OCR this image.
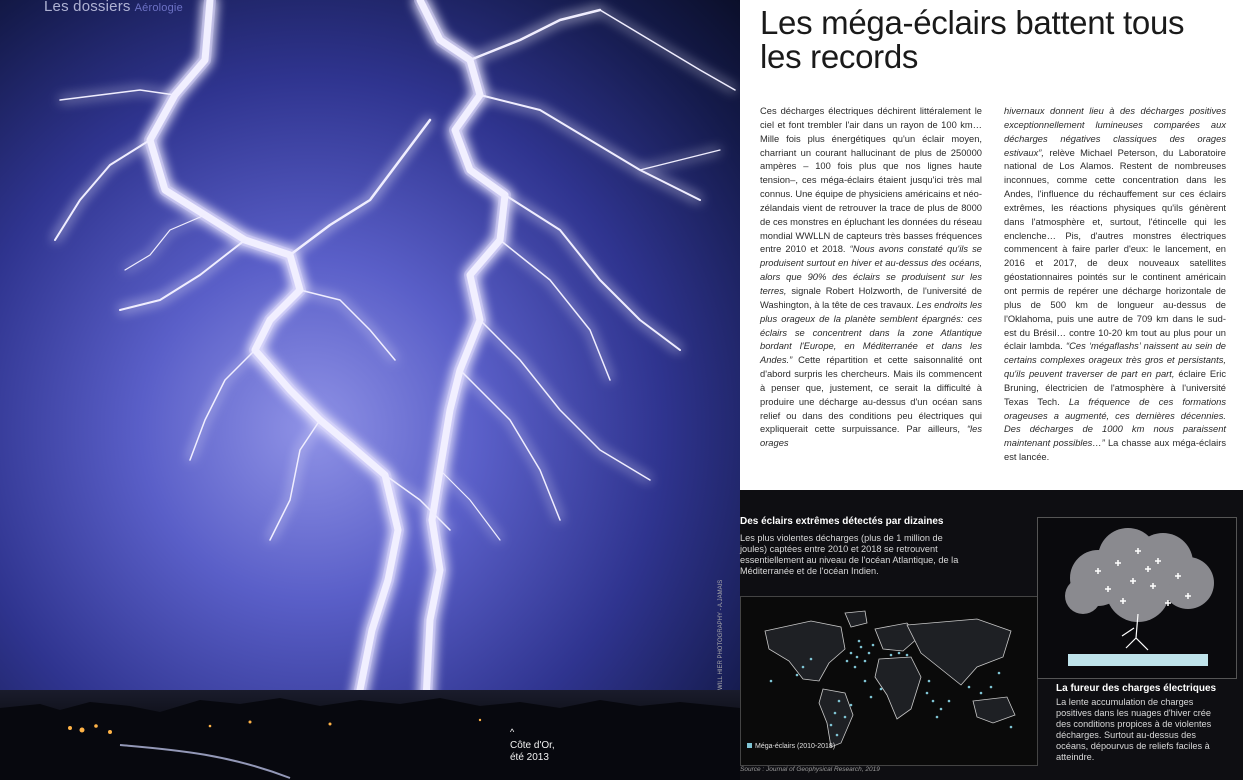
Les dossiers Aérologie
^
Côte d'Or,
été 2013
Les méga-éclairs battent tous les records

Ces décharges électriques déchirent littéralement le ciel et font trembler l'air dans un rayon de 100 km… Mille fois plus énergétiques qu'un éclair moyen, charriant un courant hallucinant de plus de 250000 ampères – 100 fois plus que nos lignes haute tension–, ces méga-éclairs étaient jusqu'ici très mal connus. Une équipe de physiciens américains et néo-zélandais vient de retrouver la trace de plus de 8000 de ces monstres en épluchant les données du réseau mondial WWLLN de capteurs très basses fréquences entre 2010 et 2018. “Nous avons constaté qu'ils se produisent surtout en hiver et au-dessus des océans, alors que 90% des éclairs se produisent sur les terres, signale Robert Holzworth, de l'université de Washington, à la tête de ces travaux. Les endroits les plus orageux de la planète semblent épargnés: ces éclairs se concentrent dans la zone Atlantique bordant l'Europe, en Méditerranée et dans les Andes.” Cette répartition et cette saisonnalité ont d'abord surpris les chercheurs. Mais ils commencent à penser que, justement, ce serait la difficulté à produire une décharge au-dessus d'un océan sans relief ou dans des conditions peu électriques qui expliquerait cette surpuissance. Par ailleurs, “les orages

hivernaux donnent lieu à des décharges positives exceptionnellement lumineuses comparées aux décharges négatives classiques des orages estivaux”, relève Michael Peterson, du Laboratoire national de Los Alamos. Restent de nombreuses inconnues, comme cette concentration dans les Andes, l'influence du réchauffement sur ces éclairs extrêmes, les réactions physiques qu'ils génèrent dans l'atmosphère et, surtout, l'étincelle qui les enclenche… Pis, d'autres monstres électriques commencent à faire parler d'eux: le lancement, en 2016 et 2017, de deux nouveaux satellites géostationnaires pointés sur le continent américain ont permis de repérer une décharge horizontale de plus de 500 km de longueur au-dessus de l'Oklahoma, puis une autre de 709 km dans le sud-est du Brésil… contre 10-20 km tout au plus pour un éclair lambda. “Ces ‘mégaflashs’ naissent au sein de certains complexes orageux très gros et persistants, qu'ils peuvent traverser de part en part, éclaire Eric Bruning, électricien de l'atmosphère à l'université Texas Tech. La fréquence de ces formations orageuses a augmenté, ces dernières décennies. Des décharges de 1000 km nous paraissent maintenant possibles…” La chasse aux méga-éclairs est lancée.

Des éclairs extrêmes détectés par dizaines
Les plus violentes décharges (plus de 1 million de joules) captées entre 2010 et 2018 se retrouvent essentiellement au niveau de l'océan Atlantique, de la Méditerranée et de l'océan Indien.
Méga-éclairs (2010-2018)
WILL HIER PHOTOGRAPHY - A.JAMAIS
Source : Journal of Geophysical Research, 2019
La fureur des charges électriques
La lente accumulation de charges positives dans les nuages d'hiver crée des conditions propices à de violentes décharges. Surtout au-dessus des océans, dépourvus de reliefs faciles à atteindre.
